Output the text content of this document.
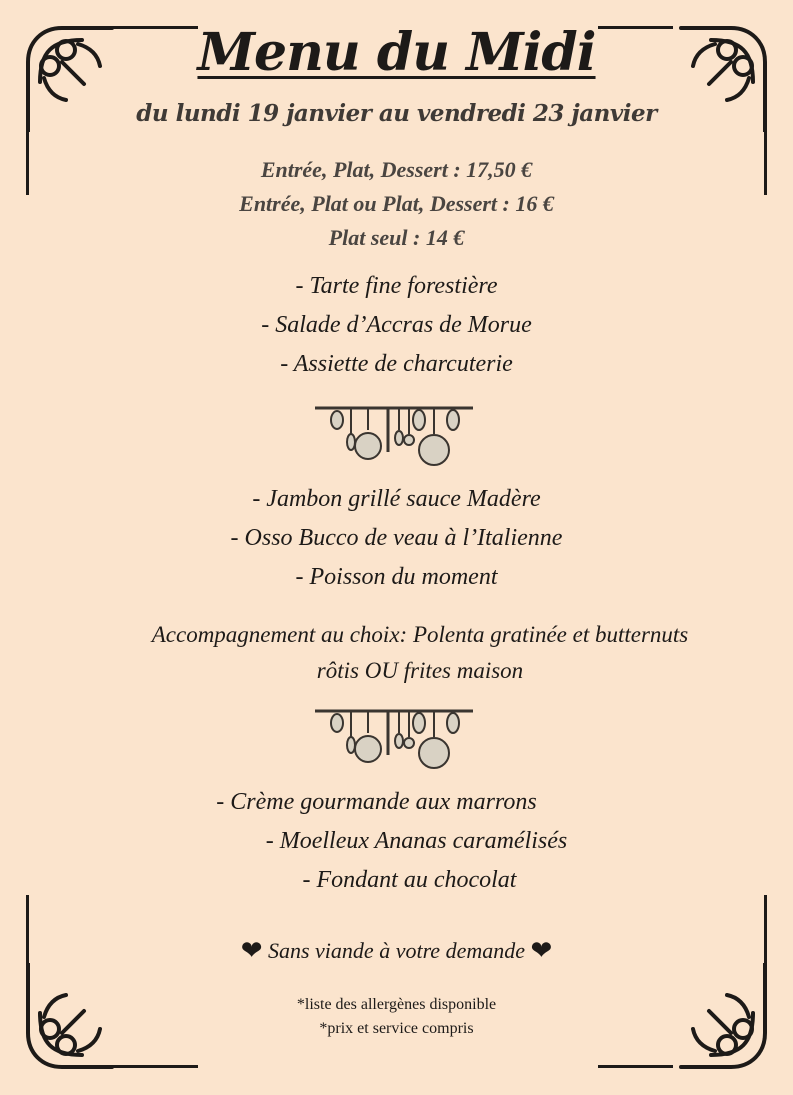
Menu du Midi
du lundi 19 janvier au vendredi 23 janvier
Entrée, Plat, Dessert : 17,50 €
Entrée, Plat ou Plat, Dessert : 16 €
Plat seul : 14 €
- Tarte fine forestière
- Salade d’Accras de Morue
- Assiette de charcuterie
- Jambon grillé sauce Madère
- Osso Bucco de veau à l’Italienne
- Poisson du moment
Accompagnement au choix: Polenta gratinée et butternuts
rôtis OU frites maison
- Crème gourmande aux marrons
- Moelleux Ananas caramélisés
- Fondant au chocolat
❤ Sans viande à votre demande ❤
*liste des allergènes disponible
*prix et service compris
